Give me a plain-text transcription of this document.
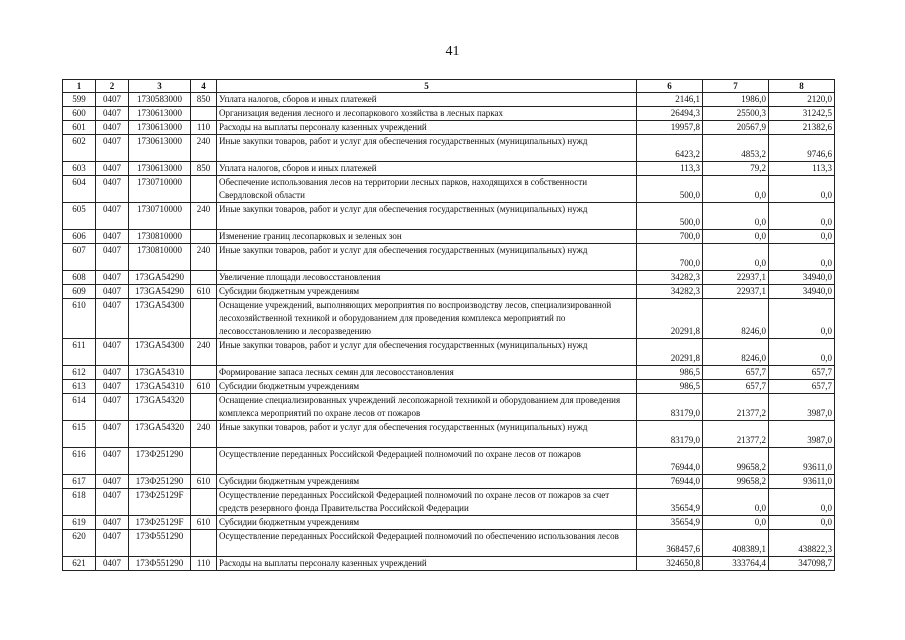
41
1	2	3	4	5	6	7	8
599	0407	1730583000	850	Уплата налогов, сборов и иных платежей	2146,1	1986,0	2120,0
600	0407	1730613000		Организация ведения лесного и лесопаркового хозяйства в лесных парках	26494,3	25500,3	31242,5
601	0407	1730613000	110	Расходы на выплаты персоналу казенных учреждений	19957,8	20567,9	21382,6
602	0407	1730613000	240	Иные закупки товаров, работ и услуг для обеспечения государственных (муниципальных) нужд	6423,2	4853,2	9746,6
603	0407	1730613000	850	Уплата налогов, сборов и иных платежей	113,3	79,2	113,3
604	0407	1730710000		Обеспечение использования лесов на территории лесных парков, находящихся в собственности Свердловской области	500,0	0,0	0,0
605	0407	1730710000	240	Иные закупки товаров, работ и услуг для обеспечения государственных (муниципальных) нужд	500,0	0,0	0,0
606	0407	1730810000		Изменение границ лесопарковых и зеленых зон	700,0	0,0	0,0
607	0407	1730810000	240	Иные закупки товаров, работ и услуг для обеспечения государственных (муниципальных) нужд	700,0	0,0	0,0
608	0407	173GA54290		Увеличение площади лесовосстановления	34282,3	22937,1	34940,0
609	0407	173GA54290	610	Субсидии бюджетным учреждениям	34282,3	22937,1	34940,0
610	0407	173GA54300		Оснащение учреждений, выполняющих мероприятия по воспроизводству лесов, специализированной лесохозяйственной техникой и оборудованием для проведения комплекса мероприятий по лесовосстановлению и лесоразведению	20291,8	8246,0	0,0
611	0407	173GA54300	240	Иные закупки товаров, работ и услуг для обеспечения государственных (муниципальных) нужд	20291,8	8246,0	0,0
612	0407	173GA54310		Формирование запаса лесных семян для лесовосстановления	986,5	657,7	657,7
613	0407	173GA54310	610	Субсидии бюджетным учреждениям	986,5	657,7	657,7
614	0407	173GA54320		Оснащение специализированных учреждений лесопожарной техникой и оборудованием для проведения комплекса мероприятий по охране лесов от пожаров	83179,0	21377,2	3987,0
615	0407	173GA54320	240	Иные закупки товаров, работ и услуг для обеспечения государственных (муниципальных) нужд	83179,0	21377,2	3987,0
616	0407	173Ф251290		Осуществление переданных Российской Федерацией полномочий по охране лесов от пожаров	76944,0	99658,2	93611,0
617	0407	173Ф251290	610	Субсидии бюджетным учреждениям	76944,0	99658,2	93611,0
618	0407	173Ф25129F		Осуществление переданных Российской Федерацией полномочий по охране лесов от пожаров за счет средств резервного фонда Правительства Российской Федерации	35654,9	0,0	0,0
619	0407	173Ф25129F	610	Субсидии бюджетным учреждениям	35654,9	0,0	0,0
620	0407	173Ф551290		Осуществление переданных Российской Федерацией полномочий по обеспечению использования лесов	368457,6	408389,1	438822,3
621	0407	173Ф551290	110	Расходы на выплаты персоналу казенных учреждений	324650,8	333764,4	347098,7
